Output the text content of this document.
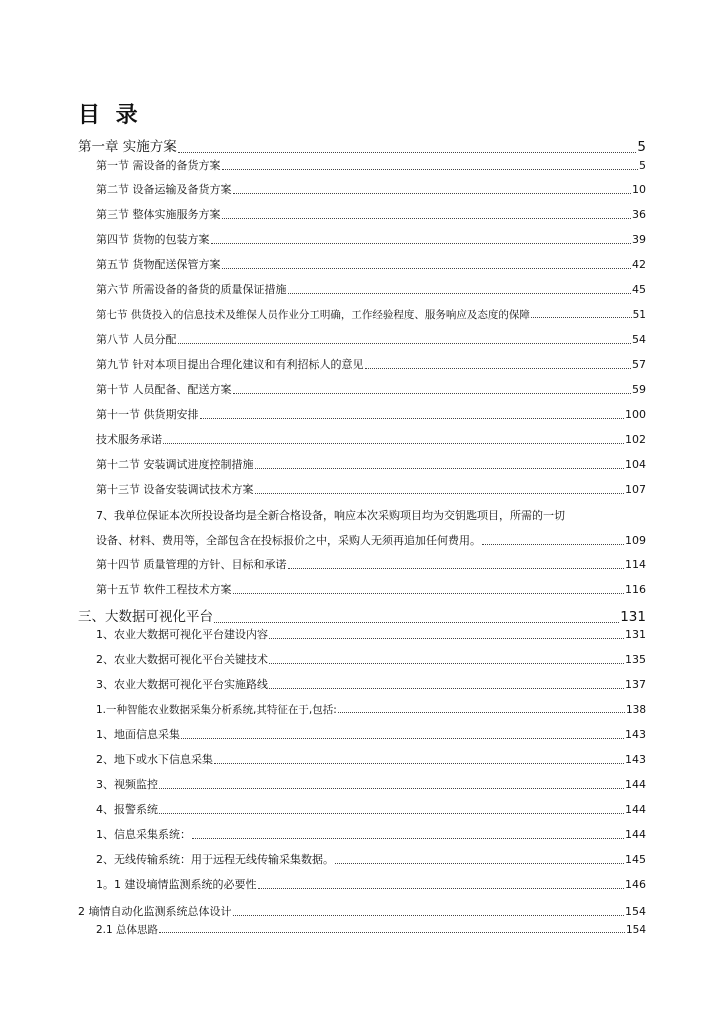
目 录
第一章 实施方案	5
第一节 需设备的备货方案	5
第二节 设备运输及备货方案	10
第三节 整体实施服务方案	36
第四节 货物的包装方案	39
第五节 货物配送保管方案	42
第六节 所需设备的备货的质量保证措施	45
第七节 供货投入的信息技术及维保人员作业分工明确，工作经验程度、服务响应及态度的保障	51
第八节 人员分配	54
第九节 针对本项目提出合理化建议和有利招标人的意见	57
第十节 人员配备、配送方案	59
第十一节 供货期安排	100
技术服务承诺	102
第十二节 安装调试进度控制措施	104
第十三节 设备安装调试技术方案	107
7、我单位保证本次所投设备均是全新合格设备，响应本次采购项目均为交钥匙项目，所需的一切
设备、材料、费用等，全部包含在投标报价之中，采购人无须再追加任何费用。	109
第十四节 质量管理的方针、目标和承诺	114
第十五节 软件工程技术方案	116
三、大数据可视化平台	131
1、农业大数据可视化平台建设内容	131
2、农业大数据可视化平台关键技术	135
3、农业大数据可视化平台实施路线	137
1.一种智能农业数据采集分析系统,其特征在于,包括:	138
1、地面信息采集	143
2、地下或水下信息采集	143
3、视频监控	144
4、报警系统	144
1、信息采集系统：	144
2、无线传输系统：用于远程无线传输采集数据。	145
1。1 建设墒情监测系统的必要性	146
2 墒情自动化监测系统总体设计	154
2.1 总体思路	154
